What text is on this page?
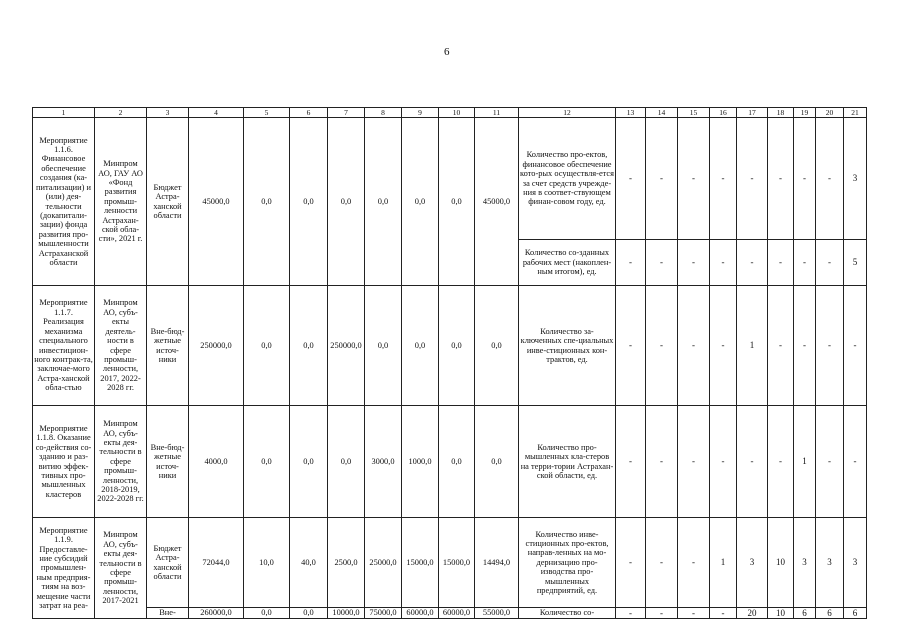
6
1	2	3	4	5	6	7	8	9	10	11	12	13	14	15	16	17	18	19	20	21
Мероприятие 1.1.6. Финансовое обеспечение создания (ка-питализации) и (или) дея-тельности (докапитали-зации) фонда развития про-мышленности Астраханской области	Минпром АО, ГАУ АО «Фонд развития промыш-ленности Астрахан-ской обла-сти», 2021 г.	Бюджет Астра-ханской области	45000,0	0,0	0,0	0,0	0,0	0,0	0,0	45000,0	Количество про-ектов, финансовое обеспечение кото-рых осуществля-ется за счет средств учрежде-ния в соответ-ствующем финан-совом году, ед.	-	-	-	-	-	-	-	-	3
											Количество со-зданных рабочих мест (накоплен-ным итогом), ед.	-	-	-	-	-	-	-	-	5
Мероприятие 1.1.7. Реализация механизма специального инвестицион-ного контрак-та, заключае-мого Астра-ханской обла-стью	Минпром АО, субъ-екты деятель-ности в сфере промыш-ленности, 2017, 2022-2028 гг.	Вне-бюд-жетные источ-ники	250000,0	0,0	0,0	250000,0	0,0	0,0	0,0	0,0	Количество за-ключенных спе-циальных инве-стиционных кон-трактов, ед.	-	-	-	-	1	-	-	-	-
Мероприятие 1.1.8. Оказание со-действия со-зданию и раз-витию эффек-тивных про-мышленных кластеров	Минпром АО, субъ-екты дея-тельности в сфере промыш-ленности, 2018-2019, 2022-2028 гг.	Вне-бюд-жетные источ-ники	4000,0	0,0	0,0	0,0	3000,0	1000,0	0,0	0,0	Количество про-мышленных кла-стеров на терри-тории Астрахан-ской области, ед.	-	-	-	-	-	-	1	-	-
Мероприятие 1.1.9. Предоставле-ние субсидий промышлен-ным предприя-тиям на воз-мещение части затрат на реа-	Минпром АО, субъ-екты дея-тельности в сфере промыш-ленности, 2017-2021	Бюджет Астра-ханской области	72044,0	10,0	40,0	2500,0	25000,0	15000,0	15000,0	14494,0	Количество инве-стиционных про-ектов, направ-ленных на мо-дернизацию про-изводства про-мышленных предприятий, ед.	-	-	-	1	3	10	3	3	3
		Вне-	260000,0	0,0	0,0	10000,0	75000,0	60000,0	60000,0	55000,0	Количество со-	-	-	-	-	20	10	6	6	6
